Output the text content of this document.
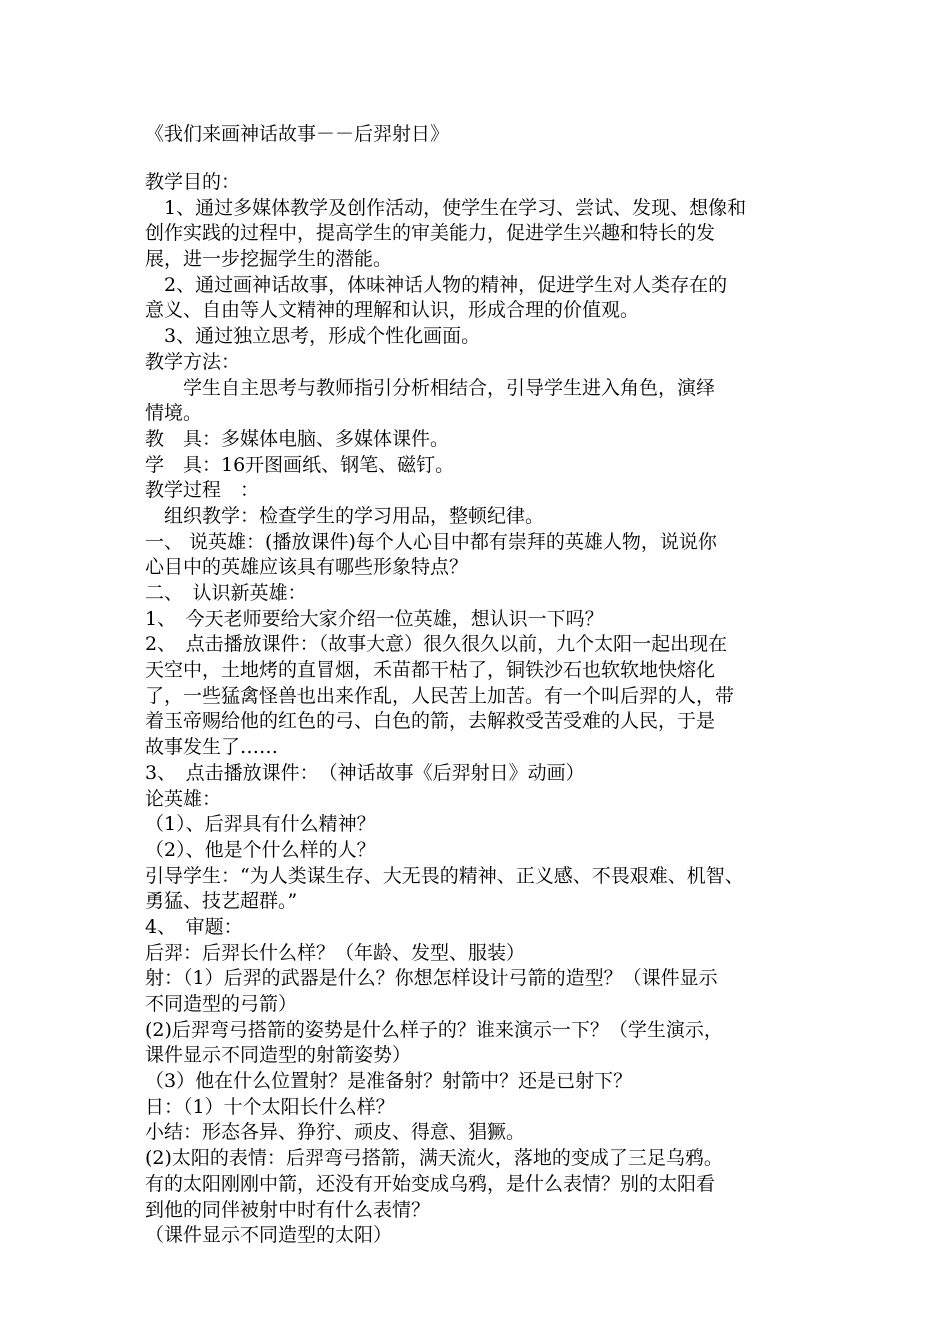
《我们来画神话故事－－后羿射日》
教学目的：
　1、通过多媒体教学及创作活动，使学生在学习、尝试、发现、想像和
创作实践的过程中，提高学生的审美能力，促进学生兴趣和特长的发
展，进一步挖掘学生的潜能。
　2、通过画神话故事，体味神话人物的精神，促进学生对人类存在的
意义、自由等人文精神的理解和认识，形成合理的价值观。
　3、通过独立思考，形成个性化画面。
教学方法：
　　学生自主思考与教师指引分析相结合，引导学生进入角色，演绎
情境。
教　具：多媒体电脑、多媒体课件。
学　具：16开图画纸、钢笔、磁钉。
教学过程　：
　组织教学：检查学生的学习用品，整顿纪律。
一、 说英雄：(播放课件)每个人心目中都有崇拜的英雄人物，说说你
心目中的英雄应该具有哪些形象特点？
二、　认识新英雄：
1、　今天老师要给大家介绍一位英雄，想认识一下吗？
2、　点击播放课件：（故事大意）很久很久以前，九个太阳一起出现在
天空中，土地烤的直冒烟，禾苗都干枯了，铜铁沙石也软软地快熔化
了，一些猛禽怪兽也出来作乱，人民苦上加苦。有一个叫后羿的人，带
着玉帝赐给他的红色的弓、白色的箭，去解救受苦受难的人民，于是
故事发生了……
3、　点击播放课件：　（神话故事《后羿射日》动画）
论英雄：
（1）、后羿具有什么精神？
（2）、他是个什么样的人？
引导学生：“为人类谋生存、大无畏的精神、正义感、不畏艰难、机智、
勇猛、技艺超群。”
4、　审题：
后羿：后羿长什么样？（年龄、发型、服装）
射：（1）后羿的武器是什么？你想怎样设计弓箭的造型？（课件显示
不同造型的弓箭）
(2)后羿弯弓搭箭的姿势是什么样子的？谁来演示一下？（学生演示，
课件显示不同造型的射箭姿势）
（3）他在什么位置射？是准备射？射箭中？还是已射下？
日：（1）十个太阳长什么样？
小结：形态各异、狰狞、顽皮、得意、猖獗。
(2)太阳的表情：后羿弯弓搭箭，满天流火，落地的变成了三足乌鸦。
有的太阳刚刚中箭，还没有开始变成乌鸦，是什么表情？别的太阳看
到他的同伴被射中时有什么表情？
（课件显示不同造型的太阳）
